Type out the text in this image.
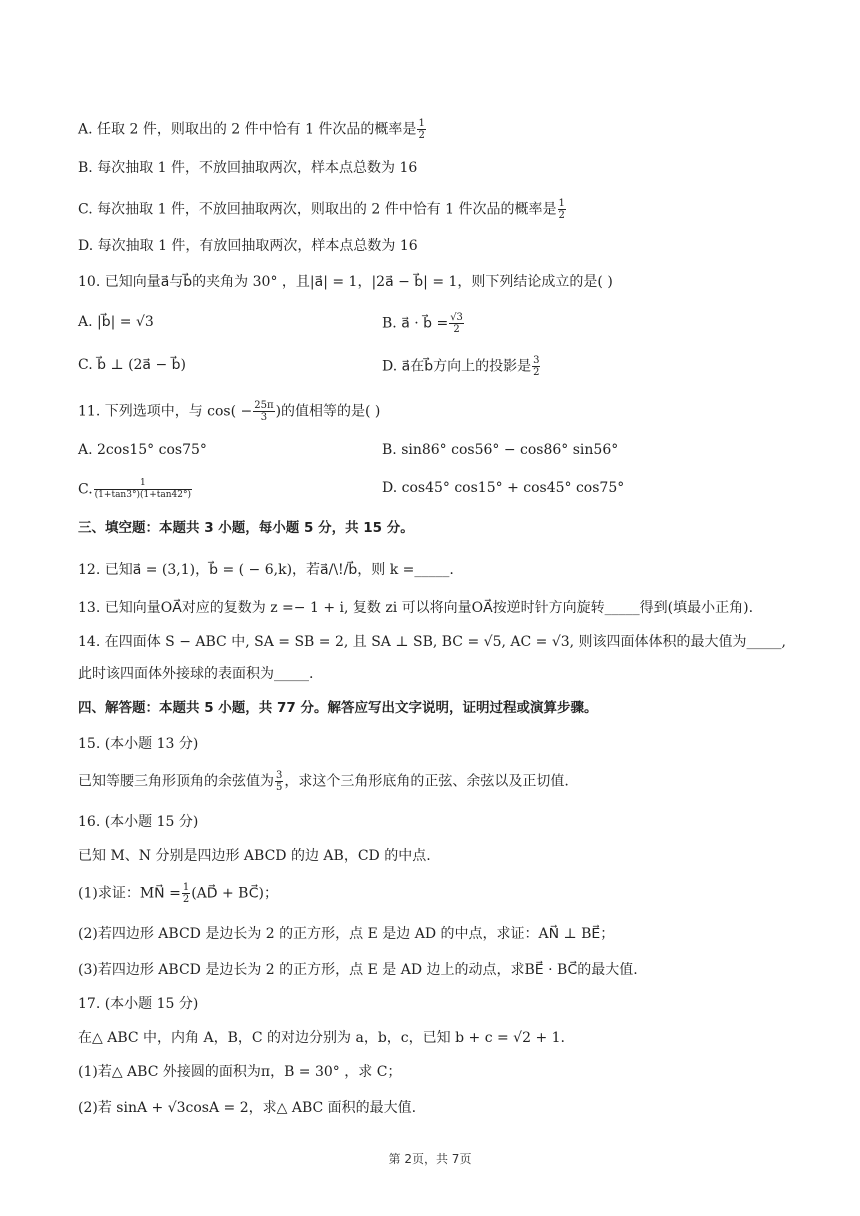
A. 任取 2 件，则取出的 2 件中恰有 1 件次品的概率是 $\frac{1}{2}$
B. 每次抽取 1 件，不放回抽取两次，样本点总数为 16
C. 每次抽取 1 件，不放回抽取两次，则取出的 2 件中恰有 1 件次品的概率是 $\frac{1}{2}$
D. 每次抽取 1 件，有放回抽取两次，样本点总数为 16
10. 已知向量a⃗与b⃗的夹角为 30° ，且|a⃗| = 1，|2a⃗ − b⃗| = 1，则下列结论成立的是( )
A. |b⃗| = √3	B. a⃗ · b⃗ = $\frac{√3}{2}$
C. b⃗ ⊥ (2a⃗ − b⃗)	D. a⃗在b⃗方向上的投影是 $\frac{3}{2}$
11. 下列选项中，与 $\cos( - \frac{25\pi}{3}$ )的值相等的是( )
A. 2cos15° cos75°	B. sin86° cos56° − cos86° sin56°
C. $\frac{1}{(1+\tan 3^\circ)(1+\tan 42^\circ)}$	D. cos45° cos15° + cos45° cos75°
三、填空题：本题共 3 小题，每小题 5 分，共 15 分。
12. 已知a⃗ = (3,1)，b⃗ = ( − 6,k)，若a⃗/\!/b⃗，则 k =_____.
13. 已知向量OA⃗对应的复数为 z =− 1 + i, 复数 zi 可以将向量OA⃗按逆时针方向旋转_____得到(填最小正角).
14. 在四面体 S − ABC 中, SA = SB = 2, 且 SA ⊥ SB, BC = √5, AC = √3, 则该四面体体积的最大值为_____,
此时该四面体外接球的表面积为_____.
四、解答题：本题共 5 小题，共 77 分。解答应写出文字说明，证明过程或演算步骤。
15. (本小题 13 分)
已知等腰三角形顶角的余弦值为 $\frac{3}{5}$ ，求这个三角形底角的正弦、余弦以及正切值.
16. (本小题 15 分)
已知 M、N 分别是四边形 ABCD 的边 AB，CD 的中点.
(1)求证：MN⃗ = $\frac{1}{2}$ (AD⃗ + BC⃗)；
(2)若四边形 ABCD 是边长为 2 的正方形，点 E 是边 AD 的中点，求证：AN⃗ ⊥ BE⃗；
(3)若四边形 ABCD 是边长为 2 的正方形，点 E 是 AD 边上的动点，求BE⃗ · BC⃗的最大值.
17. (本小题 15 分)
在△ ABC 中，内角 A，B，C 的对边分别为 a，b，c，已知 b + c = √2 + 1.
(1)若△ ABC 外接圆的面积为π，B = 30° ，求 C；
(2)若 sinA + √3cosA = 2，求△ ABC 面积的最大值.
第 2页，共 7页
